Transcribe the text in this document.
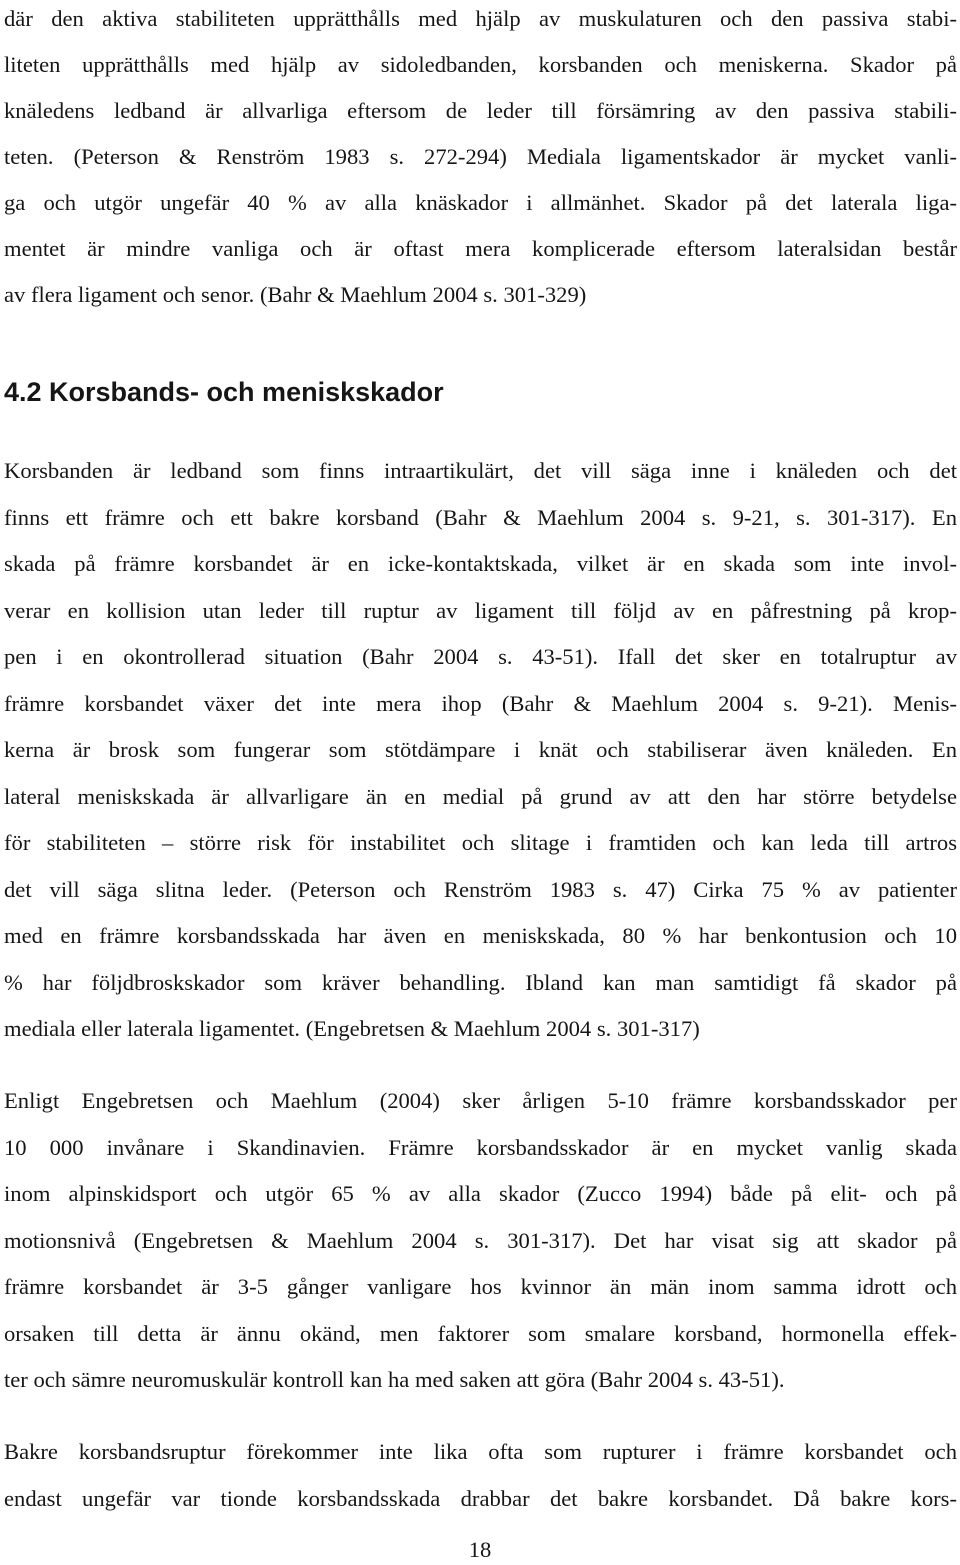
där den aktiva stabiliteten upprätthålls med hjälp av muskulaturen och den passiva stabi-
liteten upprätthålls med hjälp av sidoledbanden, korsbanden och meniskerna. Skador på
knäledens ledband är allvarliga eftersom de leder till försämring av den passiva stabili-
teten. (Peterson & Renström 1983 s. 272-294) Mediala ligamentskador är mycket vanli-
ga och utgör ungefär 40 % av alla knäskador i allmänhet. Skador på det laterala liga-
mentet är mindre vanliga och är oftast mera komplicerade eftersom lateralsidan består
av flera ligament och senor. (Bahr & Maehlum 2004 s. 301-329)
4.2 Korsbands- och meniskskador
Korsbanden är ledband som finns intraartikulärt, det vill säga inne i knäleden och det
finns ett främre och ett bakre korsband (Bahr & Maehlum 2004 s. 9-21, s. 301-317). En
skada på främre korsbandet är en icke-kontaktskada, vilket är en skada som inte invol-
verar en kollision utan leder till ruptur av ligament till följd av en påfrestning på krop-
pen i en okontrollerad situation (Bahr 2004 s. 43-51). Ifall det sker en totalruptur av
främre korsbandet växer det inte mera ihop (Bahr & Maehlum 2004 s. 9-21). Menis-
kerna är brosk som fungerar som stötdämpare i knät och stabiliserar även knäleden. En
lateral meniskskada är allvarligare än en medial på grund av att den har större betydelse
för stabiliteten – större risk för instabilitet och slitage i framtiden och kan leda till artros
det vill säga slitna leder. (Peterson och Renström 1983 s. 47) Cirka 75 % av patienter
med en främre korsbandsskada har även en meniskskada, 80 % har benkontusion och 10
% har följdbroskskador som kräver behandling. Ibland kan man samtidigt få skador på
mediala eller laterala ligamentet. (Engebretsen & Maehlum 2004 s. 301-317)
Enligt Engebretsen och Maehlum (2004) sker årligen 5-10 främre korsbandsskador per
10 000 invånare i Skandinavien. Främre korsbandsskador är en mycket vanlig skada
inom alpinskidsport och utgör 65 % av alla skador (Zucco 1994) både på elit- och på
motionsnivå (Engebretsen & Maehlum 2004 s. 301-317). Det har visat sig att skador på
främre korsbandet är 3-5 gånger vanligare hos kvinnor än män inom samma idrott och
orsaken till detta är ännu okänd, men faktorer som smalare korsband, hormonella effek-
ter och sämre neuromuskulär kontroll kan ha med saken att göra (Bahr 2004 s. 43-51).
Bakre korsbandsruptur förekommer inte lika ofta som rupturer i främre korsbandet och
endast ungefär var tionde korsbandsskada drabbar det bakre korsbandet. Då bakre kors-
18
